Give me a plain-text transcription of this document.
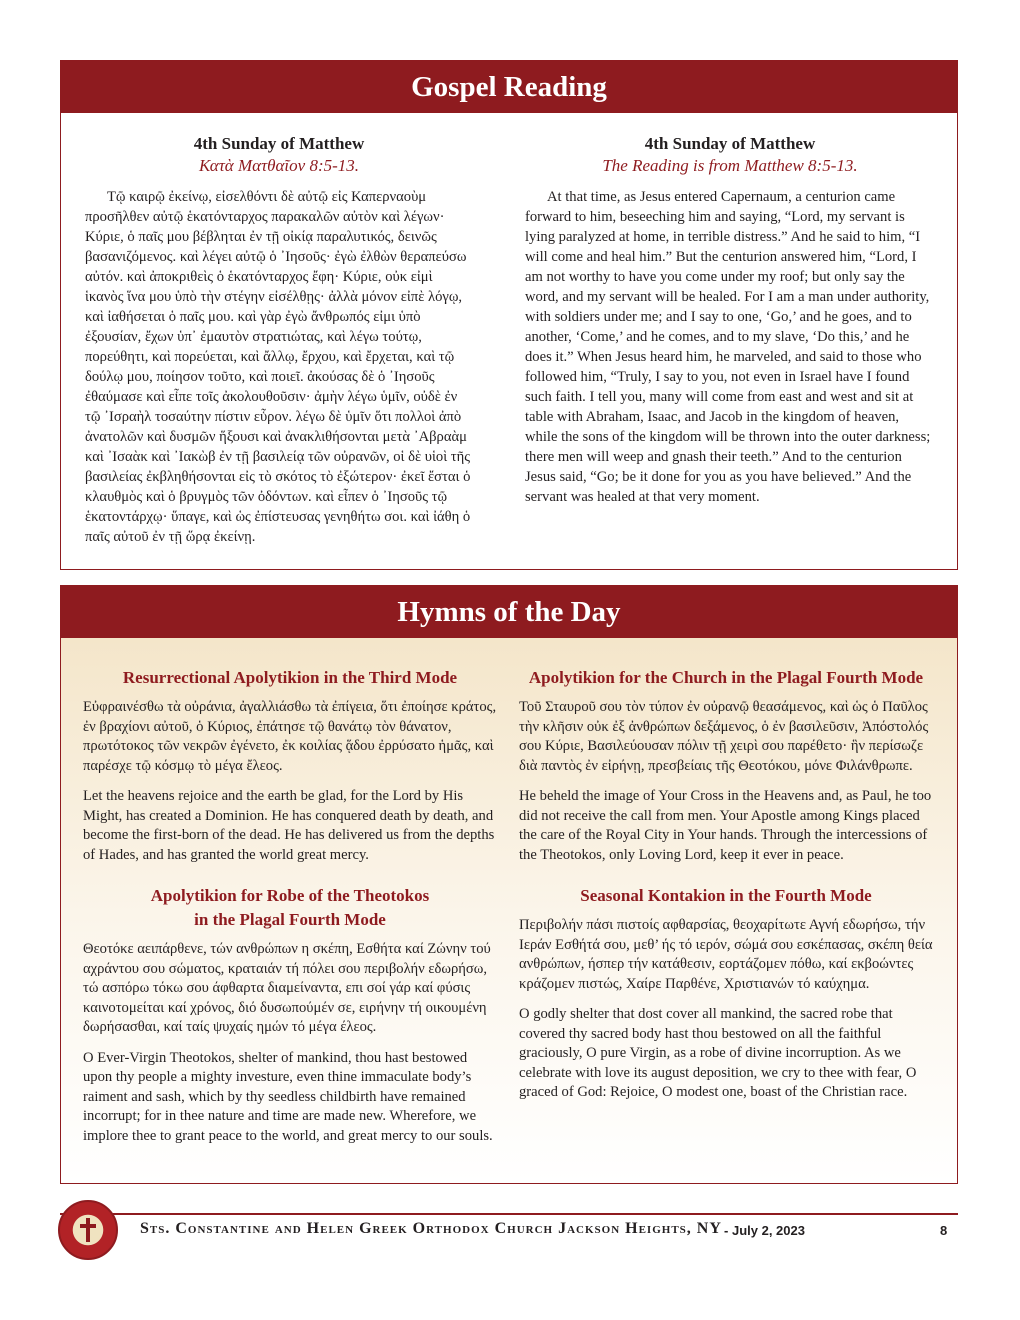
Gospel Reading
4th Sunday of Matthew
Κατὰ Ματθαῖον 8:5-13.
Τῷ καιρῷ ἐκείνῳ, εἰσελθόντι δὲ αὐτῷ εἰς Καπερναοὺμ προσῆλθεν αὐτῷ ἑκατόνταρχος παρακαλῶν αὐτὸν καὶ λέγων· Κύριε, ὁ παῖς μου βέβληται ἐν τῇ οἰκίᾳ παραλυτικός, δεινῶς βασανιζόμενος. καὶ λέγει αὐτῷ ὁ ᾿Ιησοῦς· ἐγὼ ἐλθὼν θεραπεύσω αὐτόν. καὶ ἀποκριθεὶς ὁ ἑκατόνταρχος ἔφη· Κύριε, οὐκ εἰμὶ ἱκανὸς ἵνα μου ὑπὸ τὴν στέγην εἰσέλθῃς· ἀλλὰ μόνον εἰπὲ λόγῳ, καὶ ἰαθήσεται ὁ παῖς μου. καὶ γὰρ ἐγὼ ἄνθρωπός εἰμι ὑπὸ ἐξουσίαν, ἔχων ὑπ᾿ ἐμαυτὸν στρατιώτας, καὶ λέγω τούτῳ, πορεύθητι, καὶ πορεύεται, καὶ ἄλλῳ, ἔρχου, καὶ ἔρχεται, καὶ τῷ δούλῳ μου, ποίησον τοῦτο, καὶ ποιεῖ. ἀκούσας δὲ ὁ ᾿Ιησοῦς ἐθαύμασε καὶ εἶπε τοῖς ἀκολουθοῦσιν· ἀμὴν λέγω ὑμῖν, οὐδὲ ἐν τῷ ᾿Ισραὴλ τοσαύτην πίστιν εὗρον. λέγω δὲ ὑμῖν ὅτι πολλοὶ ἀπὸ ἀνατολῶν καὶ δυσμῶν ἥξουσι καὶ ἀνακλιθήσονται μετὰ ᾿Αβραὰμ καὶ ᾿Ισαὰκ καὶ ᾿Ιακὼβ ἐν τῇ βασιλείᾳ τῶν οὐρανῶν, οἱ δὲ υἱοὶ τῆς βασιλείας ἐκβληθήσονται εἰς τὸ σκότος τὸ ἐξώτερον· ἐκεῖ ἔσται ὁ κλαυθμὸς καὶ ὁ βρυγμὸς τῶν ὀδόντων. καὶ εἶπεν ὁ ᾿Ιησοῦς τῷ ἑκατοντάρχῳ· ὕπαγε, καὶ ὡς ἐπίστευσας γενηθήτω σοι. καὶ ἰάθη ὁ παῖς αὐτοῦ ἐν τῇ ὥρᾳ ἐκείνῃ.
4th Sunday of Matthew
The Reading is from Matthew 8:5-13.
At that time, as Jesus entered Capernaum, a centurion came forward to him, beseeching him and saying, “Lord, my servant is lying paralyzed at home, in terrible distress.” And he said to him, “I will come and heal him.” But the centurion answered him, “Lord, I am not worthy to have you come under my roof; but only say the word, and my servant will be healed. For I am a man under authority, with soldiers under me; and I say to one, ‘Go,’ and he goes, and to another, ‘Come,’ and he comes, and to my slave, ‘Do this,’ and he does it.” When Jesus heard him, he marveled, and said to those who followed him, “Truly, I say to you, not even in Israel have I found such faith. I tell you, many will come from east and west and sit at table with Abraham, Isaac, and Jacob in the kingdom of heaven, while the sons of the kingdom will be thrown into the outer darkness; there men will weep and gnash their teeth.” And to the centurion Jesus said, “Go; be it done for you as you have believed.” And the servant was healed at that very moment.
Hymns of the Day
Resurrectional Apolytikion in the Third Mode

Εὐφραινέσθω τὰ οὐράνια, ἀγαλλιάσθω τὰ ἐπίγεια, ὅτι ἐποίησε κράτος, ἐν βραχίονι αὐτοῦ, ὁ Κύριος, ἐπάτησε τῷ θανάτῳ τὸν θάνατον, πρωτότοκος τῶν νεκρῶν ἐγένετο, ἐκ κοιλίας ᾅδου ἐρρύσατο ἡμᾶς, καὶ παρέσχε τῷ κόσμῳ τὸ μέγα ἔλεος.

Let the heavens rejoice and the earth be glad, for the Lord by His Might, has created a Dominion. He has conquered death by death, and become the first-born of the dead. He has delivered us from the depths of Hades, and has granted the world great mercy.

Apolytikion for Robe of the Theotokos
in the Plagal Fourth Mode

Θεοτόκε αειπάρθενε, τών ανθρώπων η σκέπη, Εσθήτα καί Ζώνην τού αχράντου σου σώματος, κραταιάν τή πόλει σου περιβολήν εδωρήσω, τώ ασπόρω τόκω σου άφθαρτα διαμείναντα, επι σοί γάρ καί φύσις καινοτομείται καί χρόνος, διό δυσωπούμέν σε, ειρήνην τή οικουμένη δωρήσασθαι, καί ταίς ψυχαίς ημών τό μέγα έλεος.

O Ever-Virgin Theotokos, shelter of mankind, thou hast bestowed upon thy people a mighty investure, even thine immaculate body’s raiment and sash, which by thy seedless childbirth have remained incorrupt; for in thee nature and time are made new. Wherefore, we implore thee to grant peace to the world, and great mercy to our souls.

Apolytikion for the Church in the Plagal Fourth Mode

Τοῦ Σταυροῦ σου τὸν τύπον ἐν οὐρανῷ θεασάμενος, καὶ ὡς ὁ Παῦλος τὴν κλῆσιν οὐκ ἐξ ἀνθρώπων δεξάμενος, ὁ ἐν βασιλεῦσιν, Ἀπόστολός σου Κύριε, Βασιλεύουσαν πόλιν τῇ χειρὶ σου παρέθετο· ἣν περίσωζε διὰ παντὸς ἐν εἰρήνῃ, πρεσβείαις τῆς Θεοτόκου, μόνε Φιλάνθρωπε.

He beheld the image of Your Cross in the Heavens and, as Paul, he too did not receive the call from men. Your Apostle among Kings placed the care of the Royal City in Your hands. Through the intercessions of the Theotokos, only Loving Lord, keep it ever in peace.

Seasonal Kontakion in the Fourth Mode

Περιβολήν πάσι πιστοίς αφθαρσίας, θεοχαρίτωτε Αγνή εδωρήσω, τήν Ιεράν Εσθήτά σου, μεθ’ ής τό ιερόν, σώμά σου εσκέπασας, σκέπη θεία ανθρώπων, ήσπερ τήν κατάθεσιν, εορτάζομεν πόθω, καί εκβοώντες κράζομεν πιστώς, Χαίρε Παρθένε, Χριστιανών τό καύχημα.

O godly shelter that dost cover all mankind, the sacred robe that covered thy sacred body hast thou bestowed on all the faithful graciously, O pure Virgin, as a robe of divine incorruption. As we celebrate with love its august deposition, we cry to thee with fear, O graced of God: Rejoice, O modest one, boast of the Christian race.

Sts. Constantine and Helen Greek Orthodox Church Jackson Heights, NY - July 2, 2023	8
